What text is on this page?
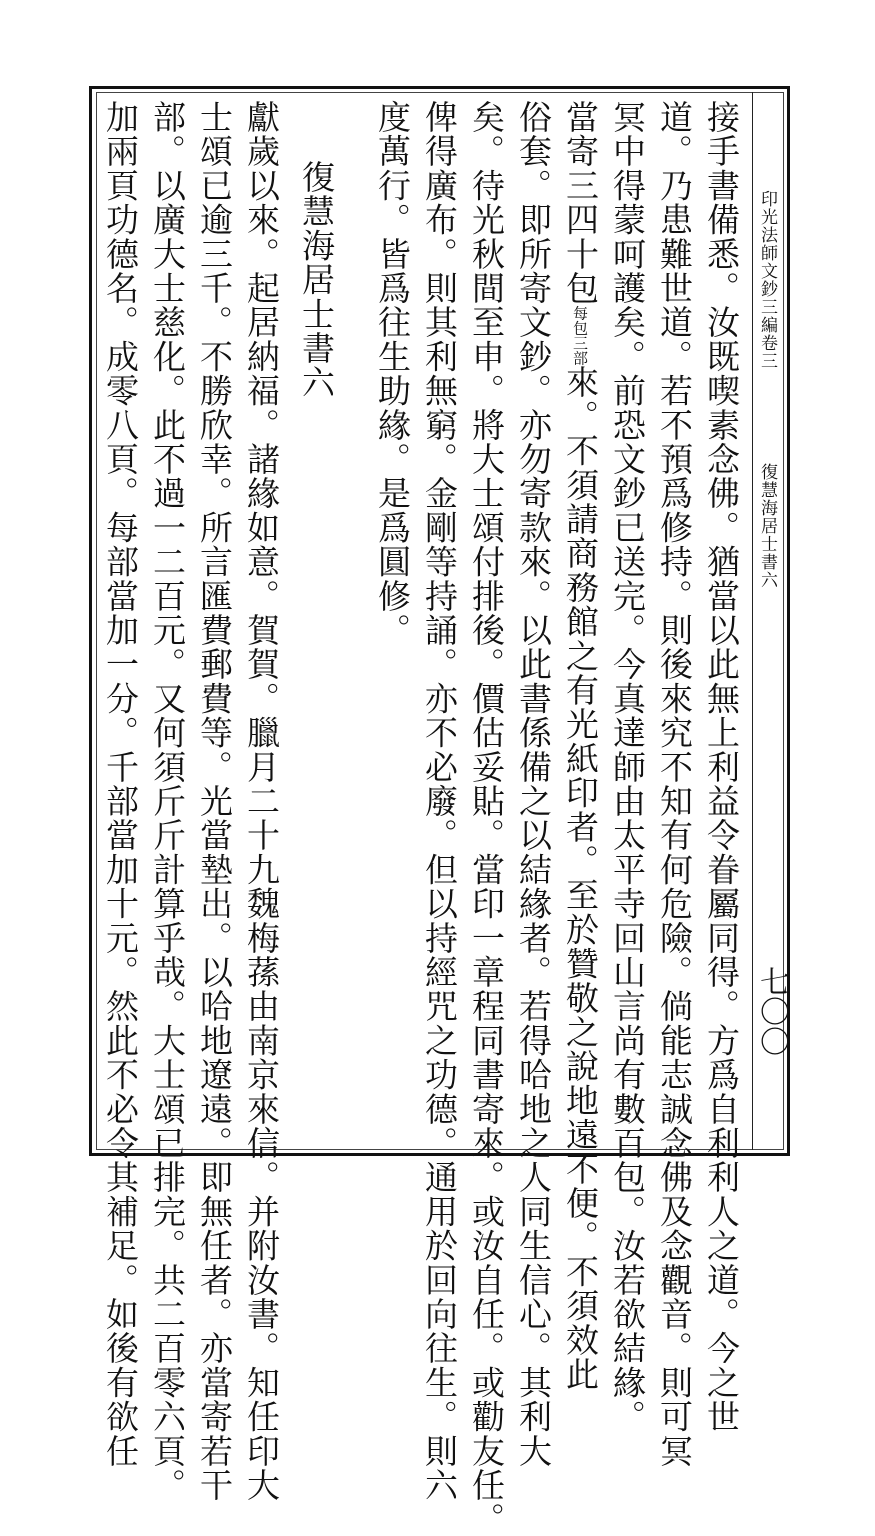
印光法師文鈔三編卷三
復慧海居士書六
七〇〇
接手書備悉。汝既喫素念佛。猶當以此無上利益令眷屬同得。方爲自利利人之道。今之世
道。乃患難世道。若不預爲修持。則後來究不知有何危險。倘能志誠念佛及念觀音。則可冥
冥中得蒙呵護矣。前恐文鈔已送完。今真達師由太平寺回山言尚有數百包。汝若欲結緣。
當寄三四十包每包三部來。不須請商務館之有光紙印者。至於贊敬之說地遠不便。不須效此
俗套。即所寄文鈔。亦勿寄款來。以此書係備之以結緣者。若得哈地之人同生信心。其利大
矣。待光秋間至申。將大士頌付排後。價估妥貼。當印一章程同書寄來。或汝自任。或勸友任。
俾得廣布。則其利無窮。金剛等持誦。亦不必廢。但以持經咒之功德。通用於回向往生。則六
度萬行。皆爲往生助緣。是爲圓修。
復慧海居士書六
獻歲以來。起居納福。諸緣如意。賀賀。臘月二十九魏梅蓀由南京來信。并附汝書。知任印大
士頌已逾三千。不勝欣幸。所言匯費郵費等。光當墊出。以哈地遼遠。即無任者。亦當寄若干
部。以廣大士慈化。此不過一二百元。又何須斤斤計算乎哉。大士頌已排完。共二百零六頁。
加兩頁功德名。成零八頁。每部當加一分。千部當加十元。然此不必令其補足。如後有欲任
